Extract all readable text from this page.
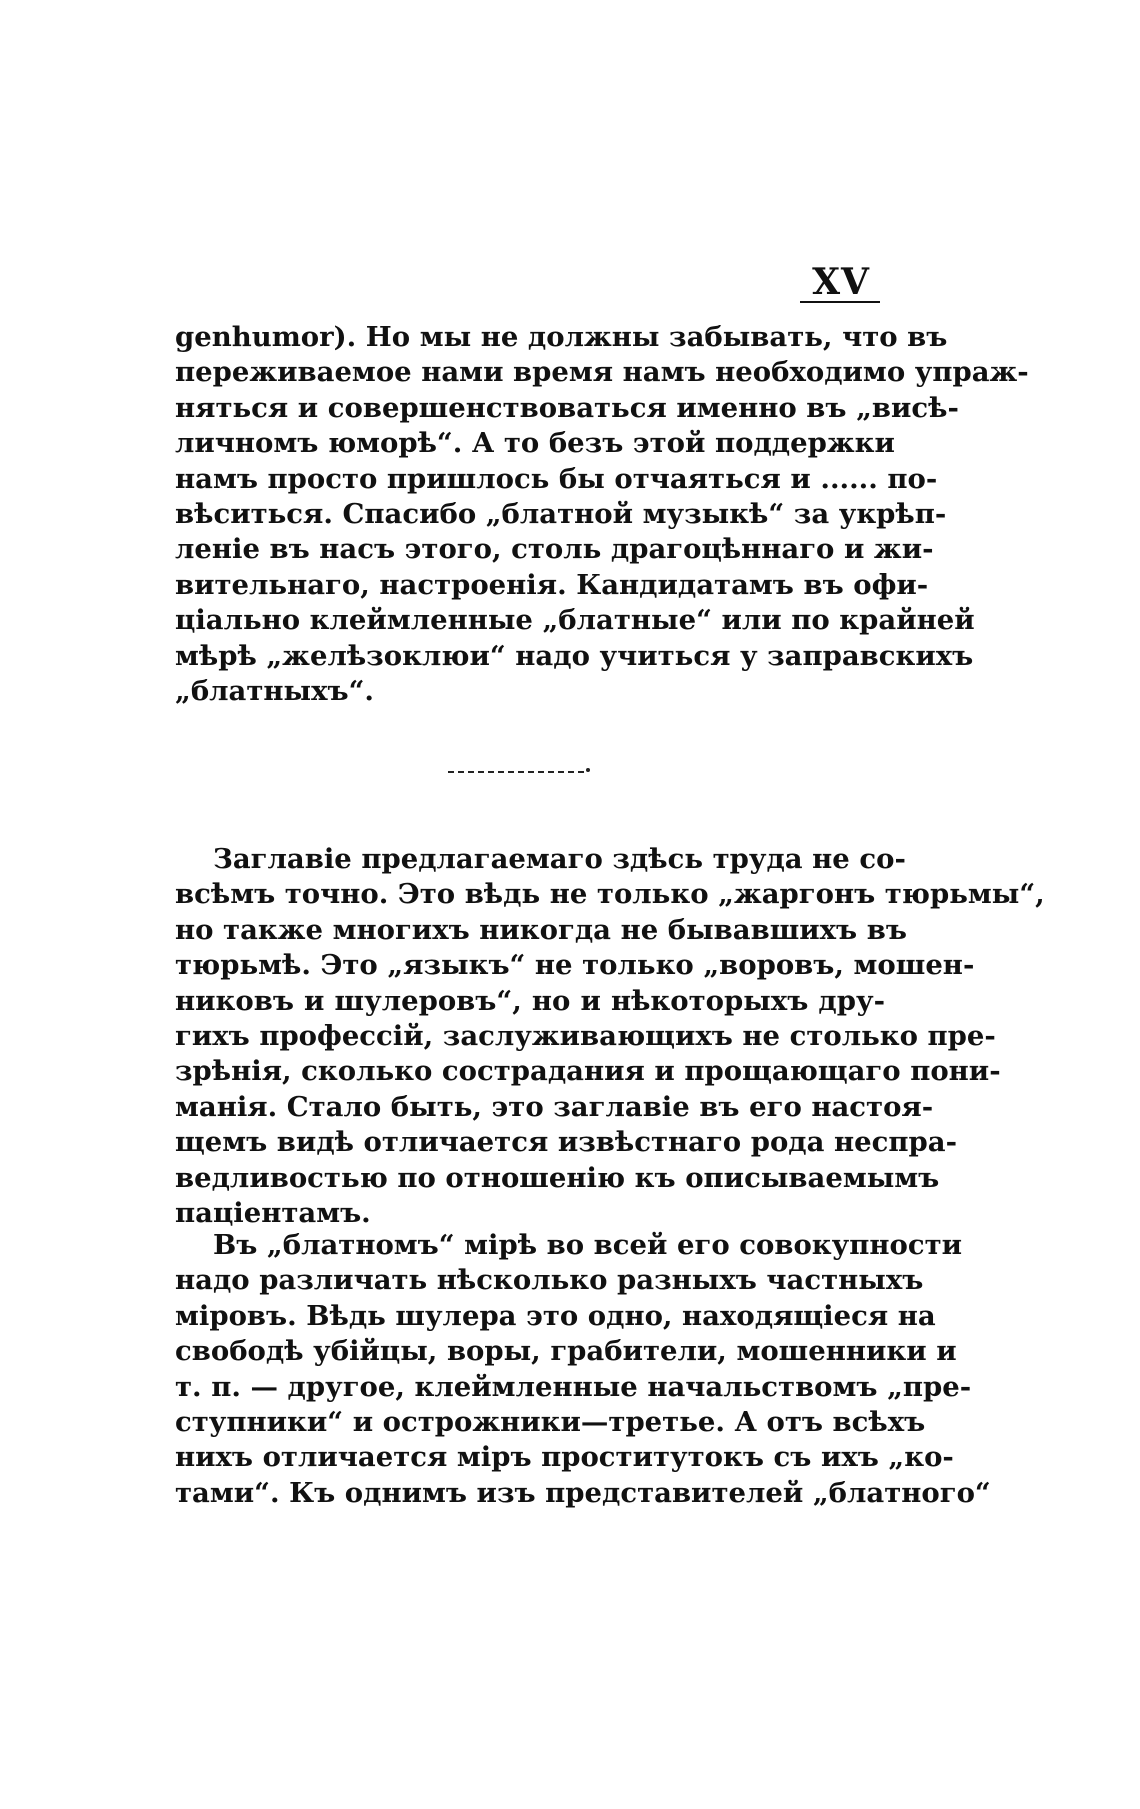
XV
genhumor). Но мы не должны забывать, что въ
переживаемое нами время намъ необходимо упраж-
няться и совершенствоваться именно въ „висѣ-
личномъ юморѣ“. А то безъ этой поддержки
намъ просто пришлось бы отчаяться и ...... по-
вѣситься. Спасибо „блатной музыкѣ“ за укрѣп-
леніе въ насъ этого, столь драгоцѣннаго и жи-
вительнаго, настроенія. Кандидатамъ въ офи-
ціально клеймленные „блатные“ или по крайней
мѣрѣ „желѣзоклюи“ надо учиться у заправскихъ
„блатныхъ“.
Заглавіе предлагаемаго здѣсь труда не со-
всѣмъ точно. Это вѣдь не только „жаргонъ тюрьмы“,
но также многихъ никогда не бывавшихъ въ
тюрьмѣ. Это „языкъ“ не только „воровъ, мошен-
никовъ и шулеровъ“, но и нѣкоторыхъ дру-
гихъ профессій, заслуживающихъ не столько пре-
зрѣнія, сколько сострадания и прощающаго пони-
манія. Стало быть, это заглавіе въ его настоя-
щемъ видѣ отличается извѣстнаго рода неспра-
ведливостью по отношенію къ описываемымъ
паціентамъ.
Въ „блатномъ“ мірѣ во всей его совокупности
надо различать нѣсколько разныхъ частныхъ
міровъ. Вѣдь шулера это одно, находящіеся на
свободѣ убійцы, воры, грабители, мошенники и
т. п. — другое, клеймленные начальствомъ „пре-
ступники“ и острожники—третье. А отъ всѣхъ
нихъ отличается міръ проститутокъ съ ихъ „ко-
тами“. Къ однимъ изъ представителей „блатного“
